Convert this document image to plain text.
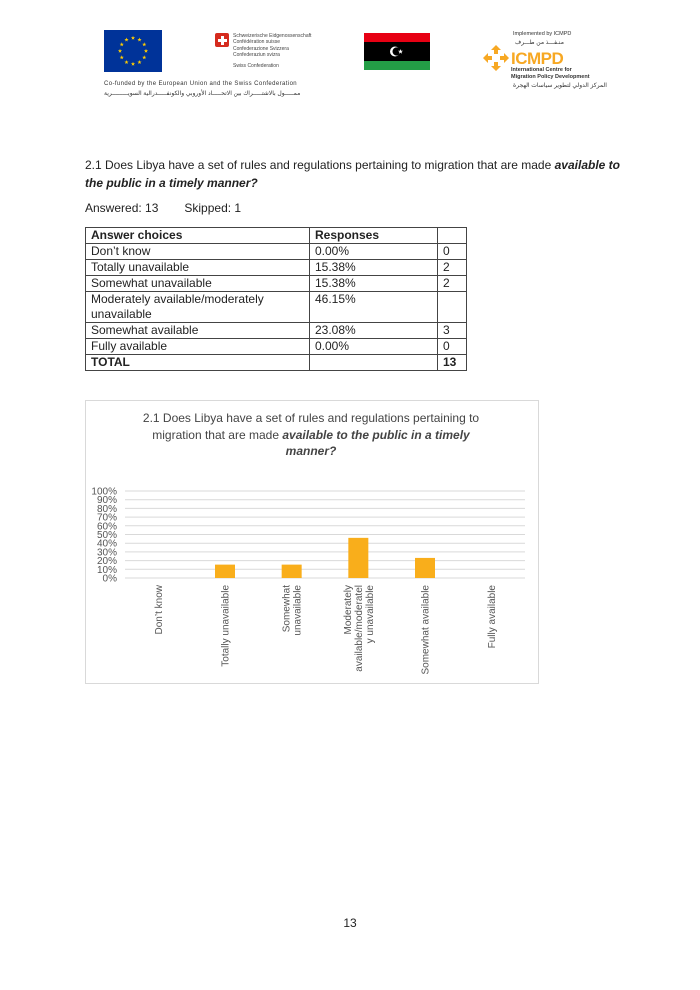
Schweizerische Eidgenossenschaft
Confédération suisse
Confederazione Svizzera
Confederaziun svizra
Swiss Confederation
Implemented by ICMPD
منـفـــذ من طـــرف
ICMPD
International Centre for
Migration Policy Development
المركز الدولي لتطوير سياسات الهجرة
Co-funded by the European Union and the Swiss Confederation
ممـــــول بالاشتـــــراك بين الاتحـــــاد الأوروبي والكونفـــــدرالية السويـــــــــرية
2.1 Does Libya have a set of rules and regulations pertaining to migration that are made available to the public in a timely manner?
Answered: 13 Skipped: 1
Answer choices	Responses	
Don’t know	0.00%	0
Totally unavailable	15.38%	2
Somewhat unavailable	15.38%	2
Moderately available/moderately unavailable	46.15%	
Somewhat available	23.08%	3
Fully available	0.00%	0
TOTAL		13
2.1 Does Libya have a set of rules and regulations pertaining to migration that are made available to the public in a timely manner?
0%
10%
20%
30%
40%
50%
60%
70%
80%
90%
100%
Don’t know	Totally unavailable	Somewhat unavailable	Moderately available/moderatel y unavailable	Somewhat available	Fully available
13
